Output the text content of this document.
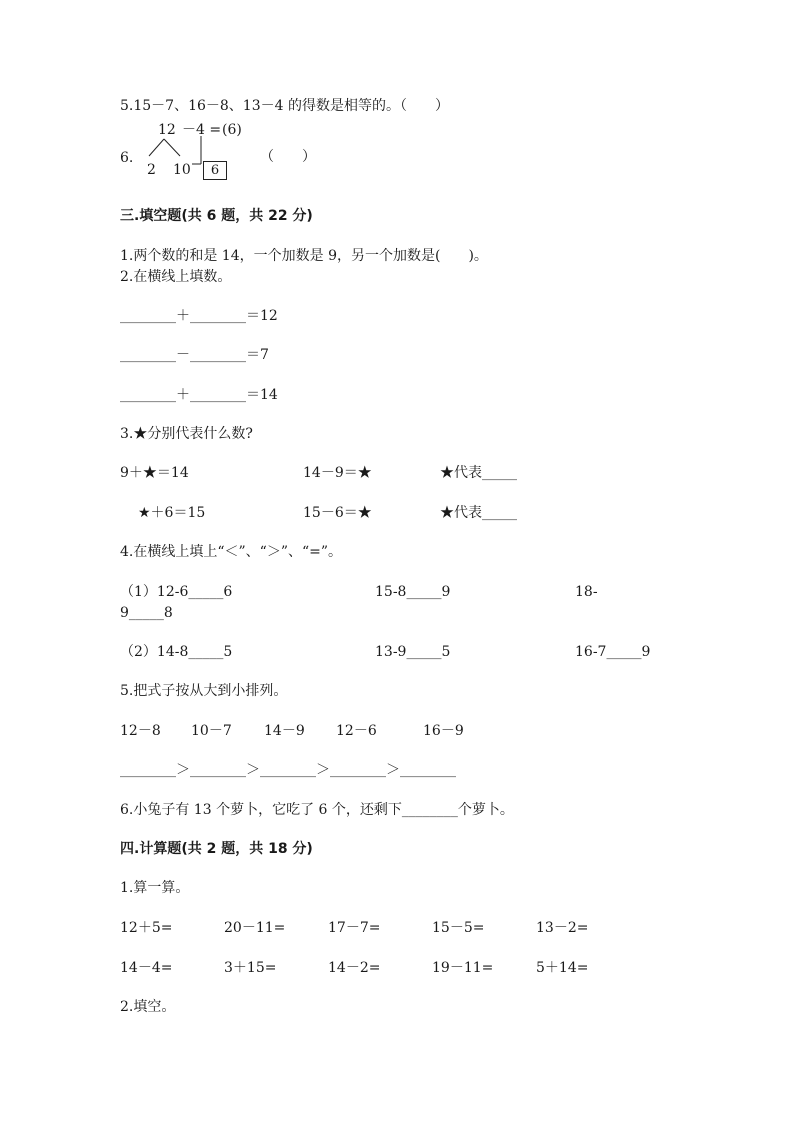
5.15－7、16－8、13－4 的得数是相等的。（　　）
12 －4 = (6)
6.
2 10	6
（　　）
三.填空题(共 6 题，共 22 分)
1.两个数的和是 14，一个加数是 9，另一个加数是(　　)。
2.在横线上填数。
________＋________＝12
________－________＝7
________＋________＝14
3.★分别代表什么数?
9＋★＝14	14－9＝★	★代表_____
★＋6＝15	15－6＝★	★代表_____
4.在横线上填上“＜”、“＞”、“=”。
（1）12-6_____6	15-8_____9	18-
9_____8
（2）14-8_____5	13-9_____5	16-7_____9
5.把式子按从大到小排列。
12－8 10－7 14－9 12－6	16－9
________＞________＞________＞________＞________
6.小兔子有 13 个萝卜，它吃了 6 个，还剩下________个萝卜。
四.计算题(共 2 题，共 18 分)
1.算一算。
12＋5=	20－11=	17－7=	15－5=	13－2=
14－4=	3＋15=	14－2=	19－11=	5＋14=
2.填空。
